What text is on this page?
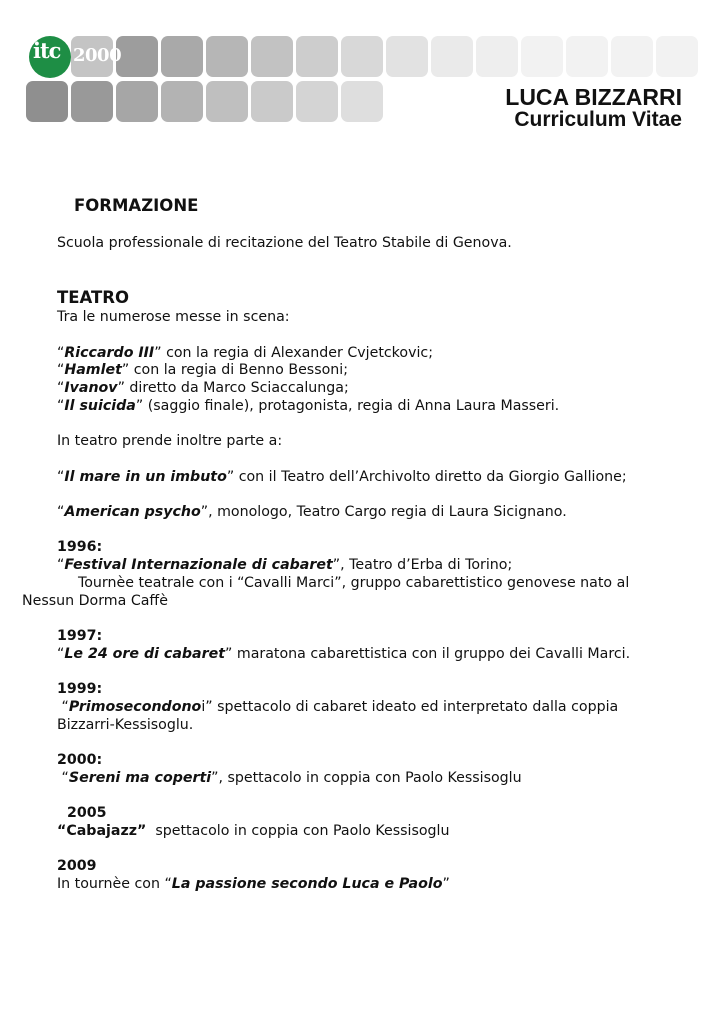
itc 2000
LUCA BIZZARRI
Curriculum Vitae
FORMAZIONE
Scuola professionale di recitazione del Teatro Stabile di Genova.
TEATRO
Tra le numerose messe in scena:
“Riccardo III” con la regia di Alexander Cvjetckovic;
“Hamlet” con la regia di Benno Bessoni;
“Ivanov” diretto da Marco Sciaccalunga;
“Il suicida” (saggio finale), protagonista, regia di Anna Laura Masseri.
In teatro prende inoltre parte a:
“Il mare in un imbuto” con il Teatro dell’Archivolto diretto da Giorgio Gallione;
“American psycho”, monologo, Teatro Cargo regia di Laura Sicignano.
1996:
“Festival Internazionale di cabaret”, Teatro d’Erba di Torino;
Tournèe teatrale con i “Cavalli Marci”, gruppo cabarettistico genovese nato al
Nessun Dorma Caffè
1997:
“Le 24 ore di cabaret” maratona cabarettistica con il gruppo dei Cavalli Marci.
1999:
“Primosecondonoi” spettacolo di cabaret ideato ed interpretato dalla coppia
Bizzarri-Kessisoglu.
2000:
“Sereni ma coperti”, spettacolo in coppia con Paolo Kessisoglu
2005
“Cabajazz”  spettacolo in coppia con Paolo Kessisoglu
2009
In tournèe con “La passione secondo Luca e Paolo”
